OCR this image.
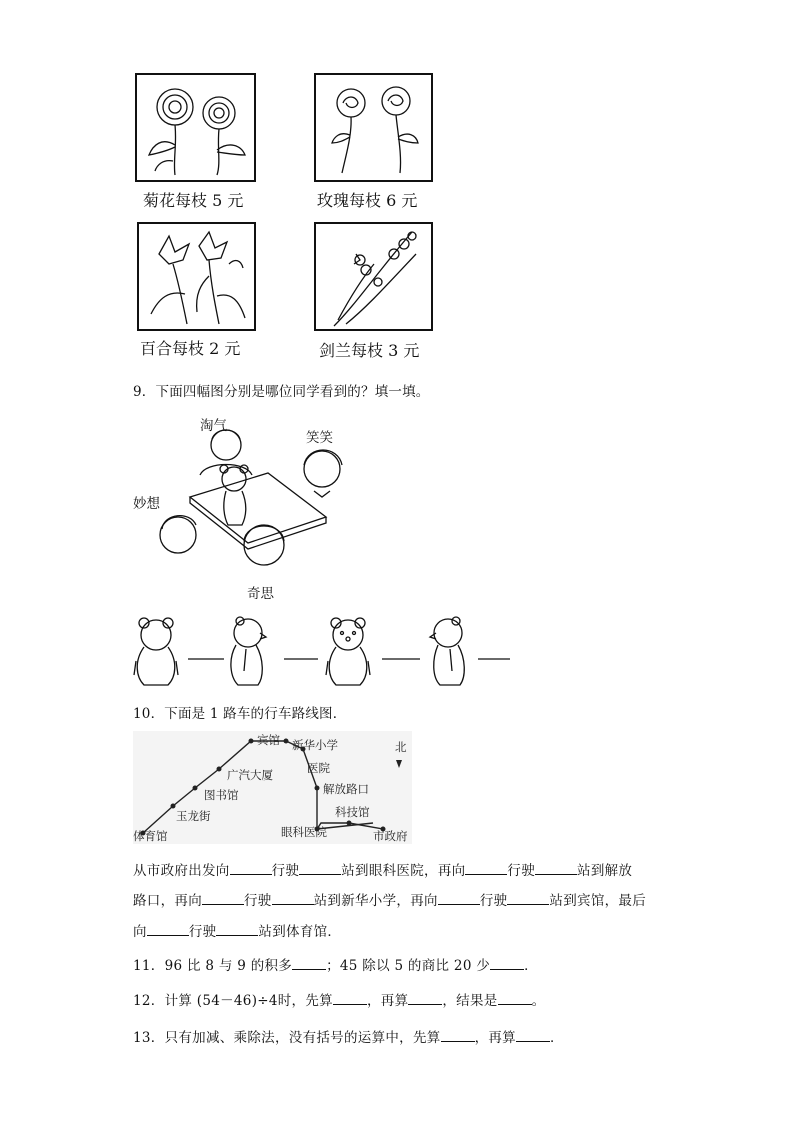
菊花每枝 5 元	玫瑰每枝 6 元
百合每枝 2 元	剑兰每枝 3 元
9．下面四幅图分别是哪位同学看到的？填一填。
淘气
笑笑
妙想
奇思
10．下面是 1 路车的行车路线图．
北
宾馆 新华小学
广汽大厦	医院
图书馆	解放路口
玉龙街	科技馆
体育馆	眼科医院	市政府
从市政府出发向	行驶	站到眼科医院，再向	行驶	站到解放
路口，再向	行驶	站到新华小学，再向	行驶	站到宾馆，最后
向	行驶	站到体育馆．
11．96 比 8 与 9 的积多	；45 除以 5 的商比 20 少	．
12．计算 (54－46)÷4时，先算	，再算	，结果是	。
13．只有加减、乘除法，没有括号的运算中，先算	，再算	．
